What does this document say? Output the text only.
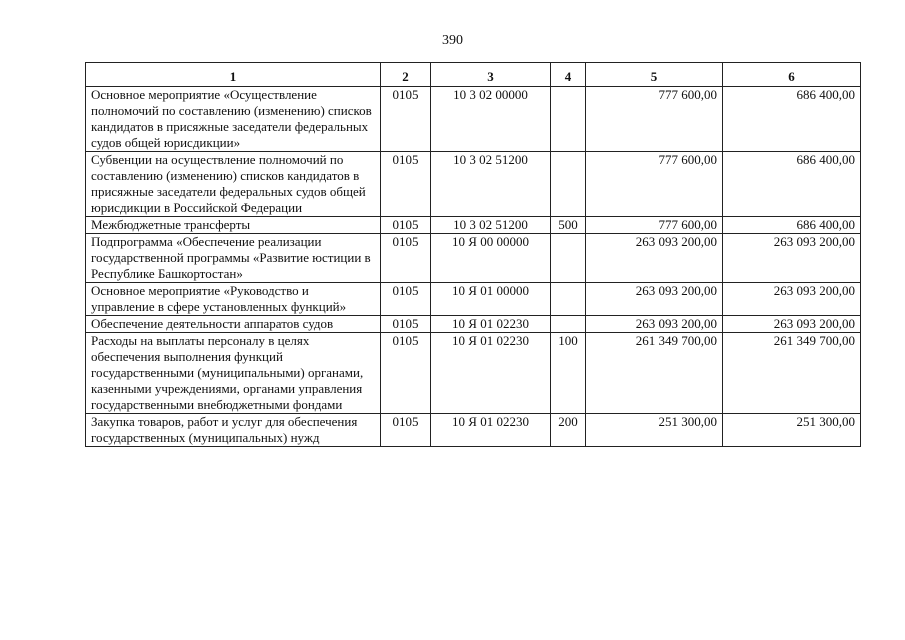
390
1	2	3	4	5	6
Основное мероприятие «Осуществление полномочий по составлению (изменению) списков кандидатов в присяжные заседатели федеральных судов общей юрисдикции»	0105	10 3 02 00000		777 600,00	686 400,00
Субвенции на осуществление полномочий по составлению (изменению) списков кандидатов в присяжные заседатели федеральных судов общей юрисдикции в Российской Федерации	0105	10 3 02 51200		777 600,00	686 400,00
Межбюджетные трансферты	0105	10 3 02 51200	500	777 600,00	686 400,00
Подпрограмма «Обеспечение реализации государственной программы «Развитие юстиции в Республике Башкортостан»	0105	10 Я 00 00000		263 093 200,00	263 093 200,00
Основное мероприятие «Руководство и управление в сфере установленных функций»	0105	10 Я 01 00000		263 093 200,00	263 093 200,00
Обеспечение деятельности аппаратов судов	0105	10 Я 01 02230		263 093 200,00	263 093 200,00
Расходы на выплаты персоналу в целях обеспечения выполнения функций государственными (муниципальными) органами, казенными учреждениями, органами управления государственными внебюджетными фондами	0105	10 Я 01 02230	100	261 349 700,00	261 349 700,00
Закупка товаров, работ и услуг для обеспечения государственных (муниципальных) нужд	0105	10 Я 01 02230	200	251 300,00	251 300,00
